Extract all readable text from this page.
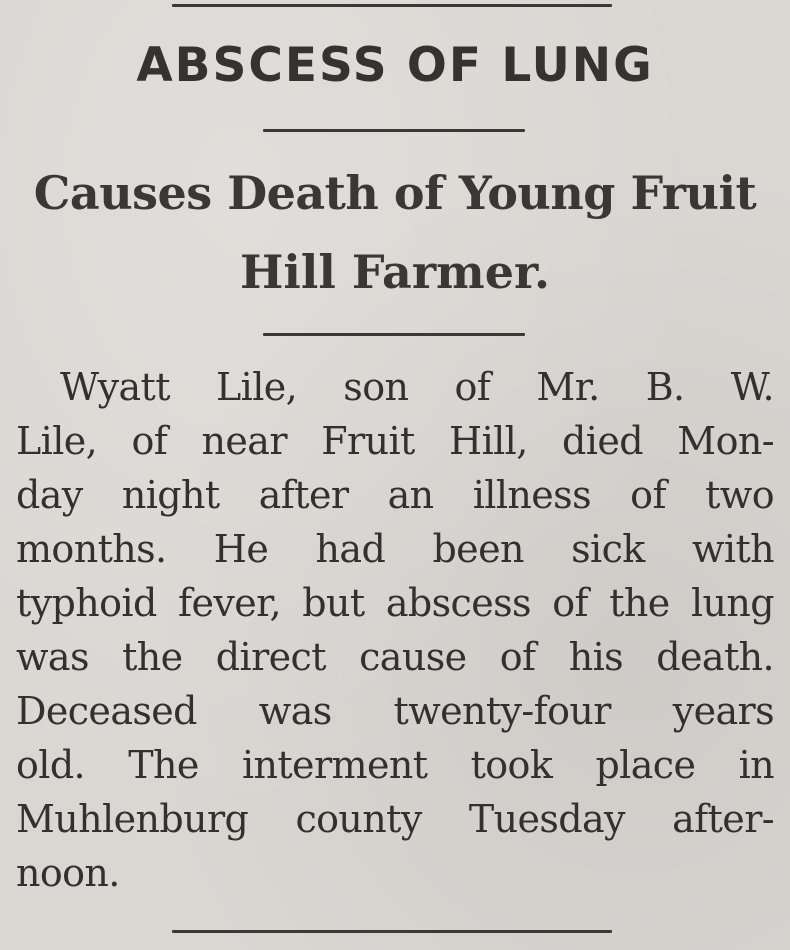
ABSCESS OF LUNG
Causes Death of Young Fruit
Hill Farmer.
Wyatt Lile, son of Mr. B. W.
Lile, of near Fruit Hill, died Mon-
day night after an illness of two
months. He had been sick with
typhoid fever, but abscess of the lung
was the direct cause of his death.
Deceased was twenty-four years
old. The interment took place in
Muhlenburg county Tuesday after-
noon.
